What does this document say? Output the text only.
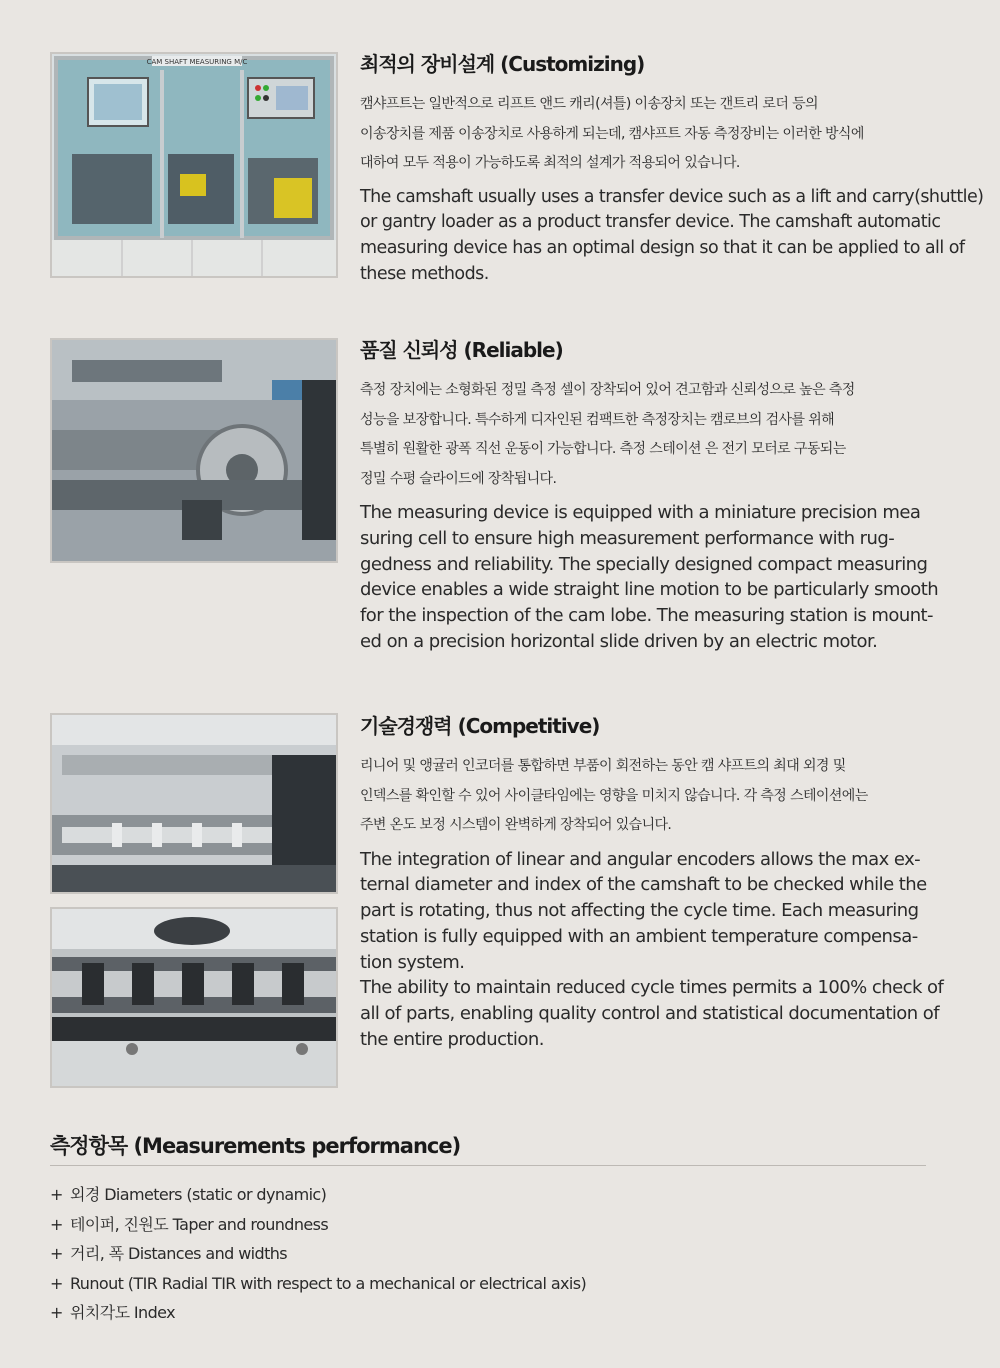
CAM SHAFT MEASURING M/C	최적의 장비설계 (Customizing)

캠샤프트는 일반적으로 리프트 앤드 캐리(셔틀) 이송장치 또는 갠트리 로더 등의
이송장치를 제품 이송장치로 사용하게 되는데, 캠샤프트 자동 측정장비는 이러한 방식에
대하여 모두 적용이 가능하도록 최적의 설계가 적용되어 있습니다.

The camshaft usually uses a transfer device such as a lift and carry(shuttle)
or gantry loader as a product transfer device. The camshaft automatic
measuring device has an optimal design so that it can be applied to all of
these methods.

품질 신뢰성 (Reliable)

측정 장치에는 소형화된 정밀 측정 셀이 장착되어 있어 견고함과 신뢰성으로 높은 측정
성능을 보장합니다. 특수하게 디자인된 컴팩트한 측정장치는 캠로브의 검사를 위해
특별히 원활한 광폭 직선 운동이 가능합니다. 측정 스테이션 은 전기 모터로 구동되는
정밀 수평 슬라이드에 장착됩니다.

The measuring device is equipped with a miniature precision mea
suring cell to ensure high measurement performance with rug-
gedness and reliability. The specially designed compact measuring
device enables a wide straight line motion to be particularly smooth
for the inspection of the cam lobe. The measuring station is mount-
ed on a precision horizontal slide driven by an electric motor.

기술경쟁력 (Competitive)

리니어 및 앵귤러 인코더를 통합하면 부품이 회전하는 동안 캠 샤프트의 최대 외경 및
인덱스를 확인할 수 있어 사이클타임에는 영향을 미치지 않습니다. 각 측정 스테이션에는
주변 온도 보정 시스템이 완벽하게 장착되어 있습니다.

The integration of linear and angular encoders allows the max ex-
ternal diameter and index of the camshaft to be checked while the
part is rotating, thus not affecting the cycle time. Each measuring
station is fully equipped with an ambient temperature compensa-
tion system.
The ability to maintain reduced cycle times permits a 100% check of
all of parts, enabling quality control and statistical documentation of
the entire production.

측정항목 (Measurements performance)
+ 외경 Diameters (static or dynamic)
+ 테이퍼, 진원도 Taper and roundness
+ 거리, 폭 Distances and widths
+ Runout (TIR Radial TIR with respect to a mechanical or electrical axis)
+ 위치각도 Index
